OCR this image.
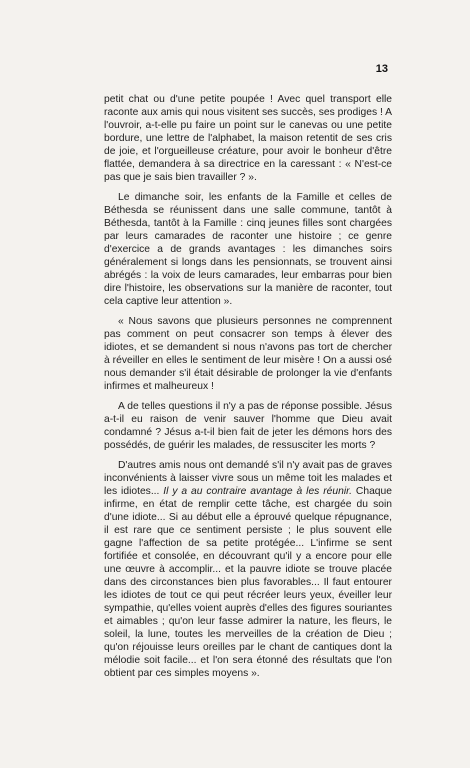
13

petit chat ou d'une petite poupée ! Avec quel transport elle raconte aux amis qui nous visitent ses succès, ses prodiges ! A l'ouvroir, a-t-elle pu faire un point sur le canevas ou une petite bordure, une lettre de l'alphabet, la maison retentit de ses cris de joie, et l'orgueilleuse créature, pour avoir le bonheur d'être flattée, demandera à sa directrice en la caressant : « N'est-ce pas que je sais bien travailler ? ».

Le dimanche soir, les enfants de la Famille et celles de Béthesda se réunissent dans une salle commune, tantôt à Béthesda, tantôt à la Famille : cinq jeunes filles sont chargées par leurs camarades de raconter une histoire ; ce genre d'exercice a de grands avantages : les dimanches soirs généralement si longs dans les pensionnats, se trouvent ainsi abrégés : la voix de leurs camarades, leur embarras pour bien dire l'histoire, les observations sur la manière de raconter, tout cela captive leur attention ».

« Nous savons que plusieurs personnes ne comprennent pas comment on peut consacrer son temps à élever des idiotes, et se demandent si nous n'avons pas tort de chercher à réveiller en elles le sentiment de leur misère ! On a aussi osé nous demander s'il était désirable de prolonger la vie d'enfants infirmes et malheureux !

A de telles questions il n'y a pas de réponse possible. Jésus a-t-il eu raison de venir sauver l'homme que Dieu avait condamné ? Jésus a-t-il bien fait de jeter les démons hors des possédés, de guérir les malades, de ressusciter les morts ?

D'autres amis nous ont demandé s'il n'y avait pas de graves inconvénients à laisser vivre sous un même toit les malades et les idiotes... Il y a au contraire avantage à les réunir. Chaque infirme, en état de remplir cette tâche, est chargée du soin d'une idiote... Si au début elle a éprouvé quelque répugnance, il est rare que ce sentiment persiste ; le plus souvent elle gagne l'affection de sa petite protégée... L'infirme se sent fortifiée et consolée, en découvrant qu'il y a encore pour elle une œuvre à accomplir... et la pauvre idiote se trouve placée dans des circonstances bien plus favorables... Il faut entourer les idiotes de tout ce qui peut récréer leurs yeux, éveiller leur sympathie, qu'elles voient auprès d'elles des figures souriantes et aimables ; qu'on leur fasse admirer la nature, les fleurs, le soleil, la lune, toutes les merveilles de la création de Dieu ; qu'on réjouisse leurs oreilles par le chant de cantiques dont la mélodie soit facile... et l'on sera étonné des résultats que l'on obtient par ces simples moyens ».
